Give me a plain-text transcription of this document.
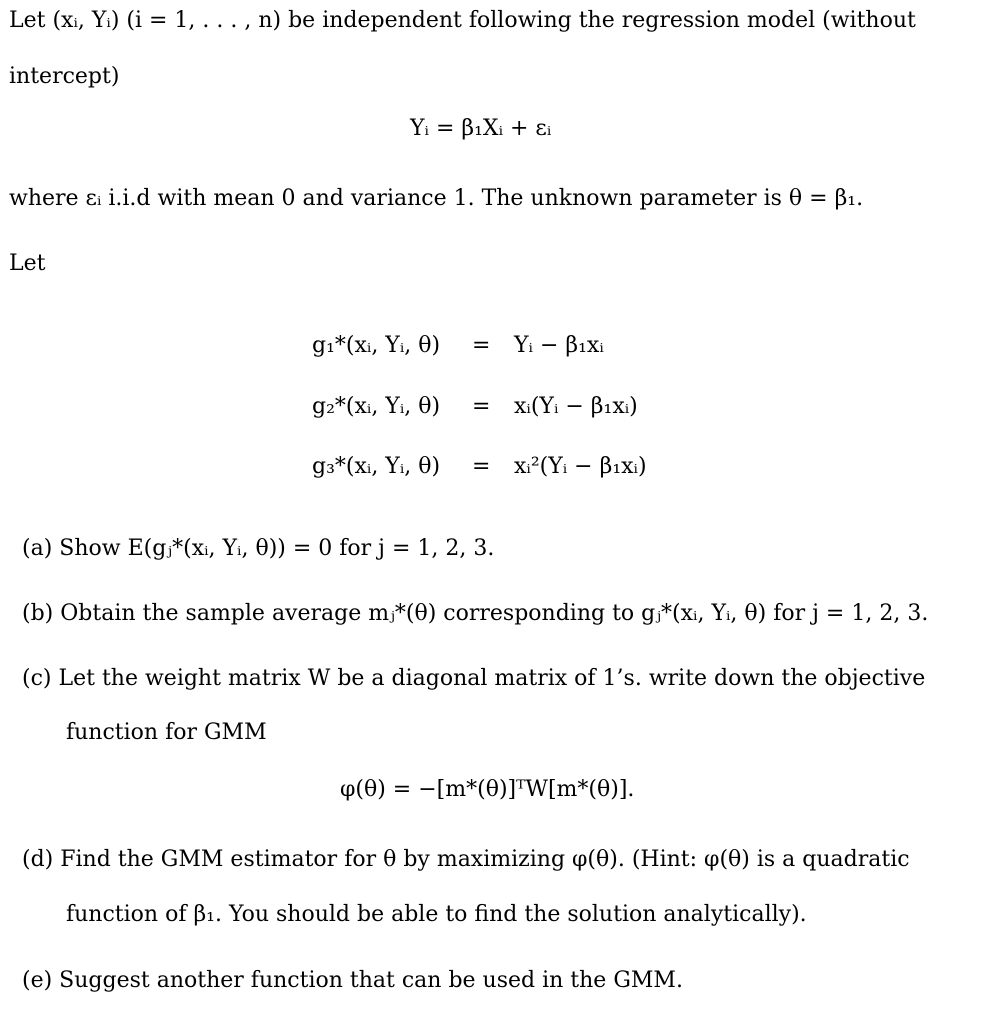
Let (xᵢ, Yᵢ) (i = 1, . . . , n) be independent following the regression model (without
intercept)
Yᵢ = β₁Xᵢ + εᵢ
where εᵢ i.i.d with mean 0 and variance 1. The unknown parameter is θ = β₁.
Let
g₁*(xᵢ, Yᵢ, θ) = Yᵢ − β₁xᵢ
g₂*(xᵢ, Yᵢ, θ) = xᵢ(Yᵢ − β₁xᵢ)
g₃*(xᵢ, Yᵢ, θ) = xᵢ²(Yᵢ − β₁xᵢ)
(a) Show E(gⱼ*(xᵢ, Yᵢ, θ)) = 0 for j = 1, 2, 3.
(b) Obtain the sample average mⱼ*(θ) corresponding to gⱼ*(xᵢ, Yᵢ, θ) for j = 1, 2, 3.
(c) Let the weight matrix W be a diagonal matrix of 1’s. write down the objective
function for GMM
φ(θ) = −[m*(θ)]ᵀW[m*(θ)].
(d) Find the GMM estimator for θ by maximizing φ(θ). (Hint: φ(θ) is a quadratic
function of β₁. You should be able to find the solution analytically).
(e) Suggest another function that can be used in the GMM.
